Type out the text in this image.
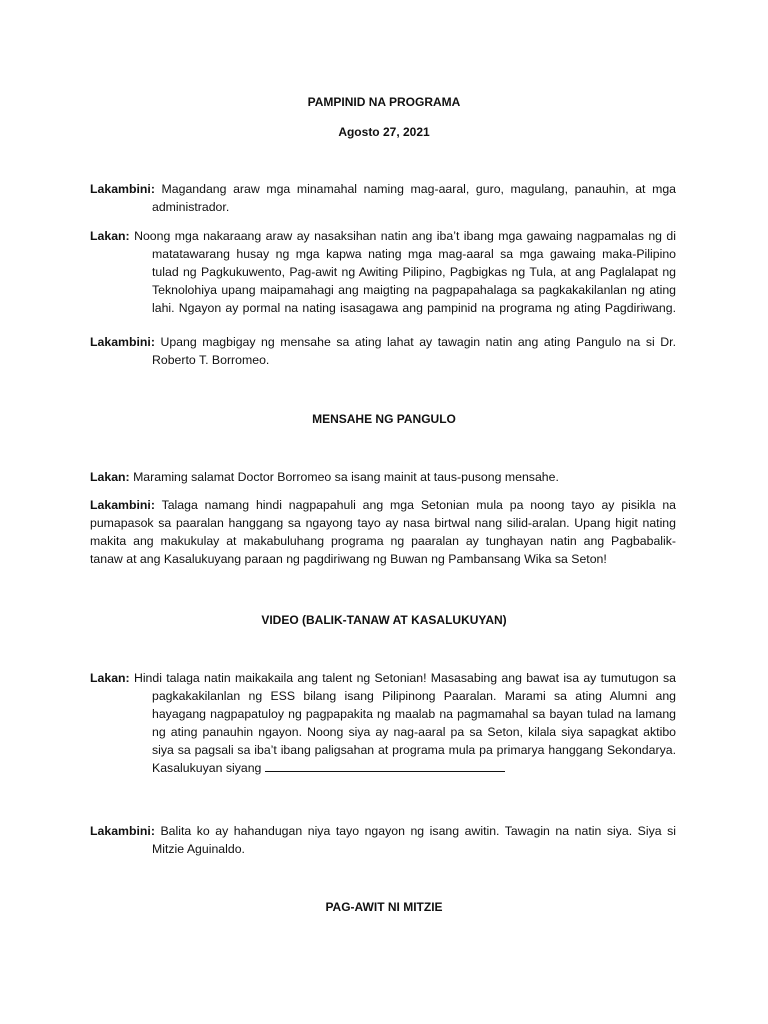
PAMPINID NA PROGRAMA
Agosto 27, 2021
Lakambini: Magandang araw mga minamahal naming mag-aaral, guro, magulang, panauhin, at mga
administrador.
Lakan: Noong mga nakaraang araw ay nasaksihan natin ang iba’t ibang mga gawaing nagpamalas ng di
matatawarang husay ng mga kapwa nating mga mag-aaral sa mga gawaing maka-Pilipino
tulad ng Pagkukuwento, Pag-awit ng Awiting Pilipino, Pagbigkas ng Tula, at ang Paglalapat ng
Teknolohiya upang maipamahagi ang maigting na pagpapahalaga sa pagkakakilanlan ng ating
lahi. Ngayon ay pormal na nating isasagawa ang pampinid na programa ng ating Pagdiriwang.
Lakambini: Upang magbigay ng mensahe sa ating lahat ay tawagin natin ang ating Pangulo na si Dr.
Roberto T. Borromeo.
MENSAHE NG PANGULO
Lakan: Maraming salamat Doctor Borromeo sa isang mainit at taus-pusong mensahe.
Lakambini: Talaga namang hindi nagpapahuli ang mga Setonian mula pa noong tayo ay pisikla na
pumapasok sa paaralan hanggang sa ngayong tayo ay nasa birtwal nang silid-aralan. Upang higit nating
makita ang makukulay at makabuluhang programa ng paaralan ay tunghayan natin ang Pagbabalik-
tanaw at ang Kasalukuyang paraan ng pagdiriwang ng Buwan ng Pambansang Wika sa Seton!
VIDEO (BALIK-TANAW AT KASALUKUYAN)
Lakan: Hindi talaga natin maikakaila ang talent ng Setonian! Masasabing ang bawat isa ay tumutugon sa
pagkakakilanlan ng ESS bilang isang Pilipinong Paaralan. Marami sa ating Alumni ang
hayagang nagpapatuloy ng pagpapakita ng maalab na pagmamahal sa bayan tulad na lamang
ng ating panauhin ngayon. Noong siya ay nag-aaral pa sa Seton, kilala siya sapagkat aktibo
siya sa pagsali sa iba’t ibang paligsahan at programa mula pa primarya hanggang Sekondarya.
Kasalukuyan siyang
Lakambini: Balita ko ay hahandugan niya tayo ngayon ng isang awitin. Tawagin na natin siya. Siya si
Mitzie Aguinaldo.
PAG-AWIT NI MITZIE
